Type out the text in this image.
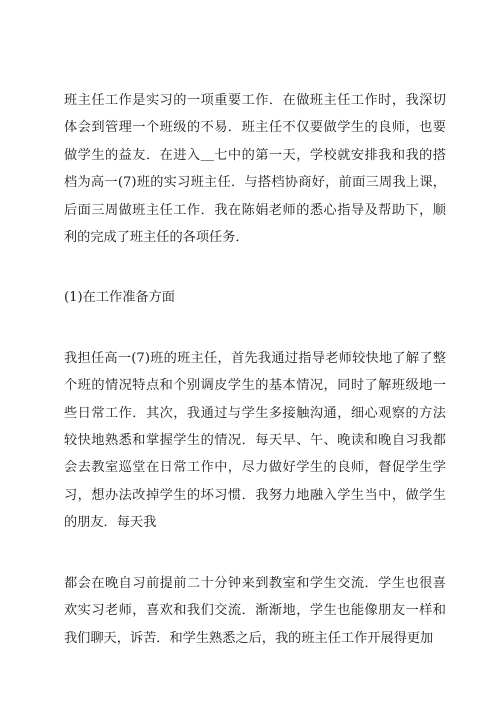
班主任工作是实习的一项重要工作．在做班主任工作时，我深切体会到管理一个班级的不易．班主任不仅要做学生的良师，也要做学生的益友．在进入＿七中的第一天，学校就安排我和我的搭档为高一(7)班的实习班主任．与搭档协商好，前面三周我上课，后面三周做班主任工作．我在陈娟老师的悉心指导及帮助下，顺利的完成了班主任的各项任务．

(1)在工作准备方面

我担任高一(7)班的班主任，首先我通过指导老师较快地了解了整个班的情况特点和个别调皮学生的基本情况，同时了解班级地一些日常工作．其次，我通过与学生多接触沟通，细心观察的方法较快地熟悉和掌握学生的情况．每天早、午、晚读和晚自习我都会去教室巡堂在日常工作中，尽力做好学生的良师，督促学生学习，想办法改掉学生的坏习惯．我努力地融入学生当中，做学生的朋友．每天我

都会在晚自习前提前二十分钟来到教室和学生交流．学生也很喜欢实习老师，喜欢和我们交流．渐渐地，学生也能像朋友一样和我们聊天，诉苦．和学生熟悉之后，我的班主任工作开展得更加
